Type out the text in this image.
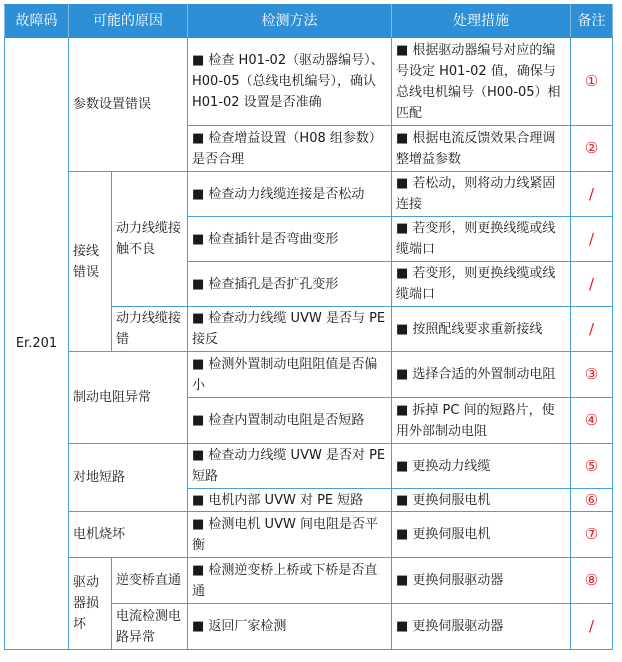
故障码	可能的原因		检测方法	处理措施	备注
Er.201	参数设置错误		■ 检查 H01-02（驱动器编号）、H00-05（总线电机编号），确认 H01-02 设置是否准确	■ 根据驱动器编号对应的编号设定 H01-02 值，确保与总线电机编号（H00-05）相匹配	①
			■ 检查增益设置（H08 组参数）是否合理	■ 根据电流反馈效果合理调整增益参数	②
	接线错误	动力线缆接触不良	■ 检查动力线缆连接是否松动	■ 若松动，则将动力线紧固连接	/
			■ 检查插针是否弯曲变形	■ 若变形，则更换线缆或线缆端口	/
			■ 检查插孔是否扩孔变形	■ 若变形，则更换线缆或线缆端口	/
		动力线缆接错	■ 检查动力线缆 UVW 是否与 PE 接反	■ 按照配线要求重新接线	/
	制动电阻异常		■ 检测外置制动电阻阻值是否偏小	■ 选择合适的外置制动电阻	③
			■ 检查内置制动电阻是否短路	■ 拆掉 PC 间的短路片，使用外部制动电阻	④
	对地短路		■ 检查动力线缆 UVW 是否对 PE 短路	■ 更换动力线缆	⑤
			■ 电机内部 UVW 对 PE 短路	■ 更换伺服电机	⑥
	电机烧坏		■ 检测电机 UVW 间电阻是否平衡	■ 更换伺服电机	⑦
	驱动器损坏	逆变桥直通	■ 检测逆变桥上桥或下桥是否直通	■ 更换伺服驱动器	⑧
		电流检测电路异常	■ 返回厂家检测	■ 更换伺服驱动器	/
